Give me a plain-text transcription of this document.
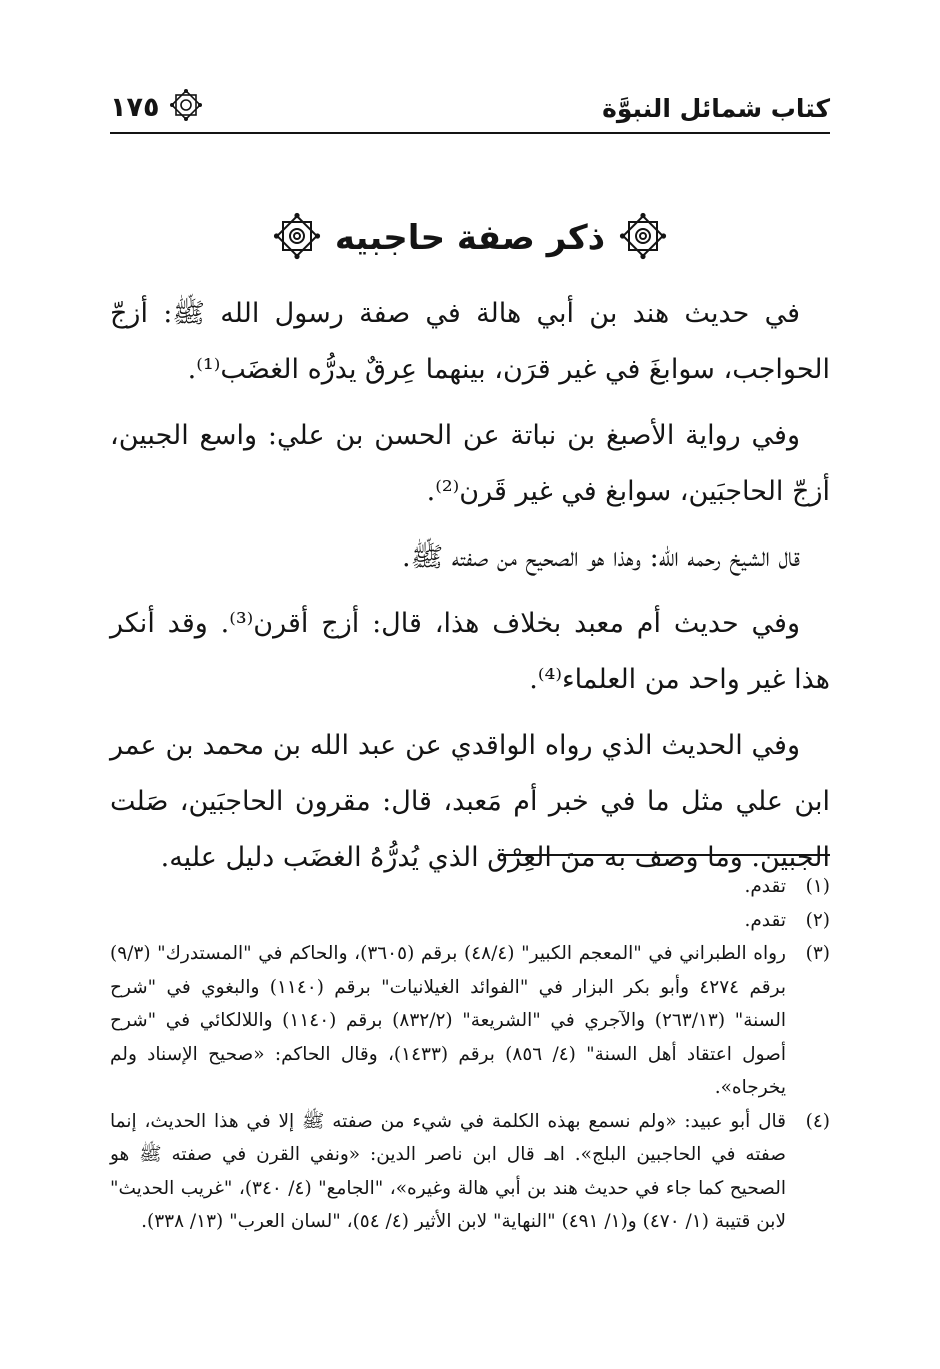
كتاب شمائل النبوَّة
١٧٥
ذكر صفة حاجبيه

في حديث هند بن أبي هالة في صفة رسول الله ﷺ: أزجّ الحواجب، سوابغَ في غير قرَن، بينهما عِرقٌ يدرُّه الغضَب⁽¹⁾.

وفي رواية الأصبغ بن نباتة عن الحسن بن علي: واسع الجبين، أزجّ الحاجبَين، سوابغ في غير قَرن⁽²⁾.

قال الشيخ رحمه الله: وهذا هو الصحيح من صفته ﷺ.

وفي حديث أم معبد بخلاف هذا، قال: أزج أقرن⁽³⁾. وقد أنكر هذا غير واحد من العلماء⁽⁴⁾.

وفي الحديث الذي رواه الواقدي عن عبد الله بن محمد بن عمر ابن علي مثل ما في خبر أم مَعبد، قال: مقرون الحاجبَين، صَلت الجبين. وما وصف به منَ العِرْق الذي يُدرُّهُ الغضَب دليل عليه.

(١)
تقدم.
(٢)
تقدم.
(٣)
رواه الطبراني في "المعجم الكبير" (٤٨/٤) برقم (٣٦٠٥)، والحاكم في "المستدرك" (٩/٣) برقم ٤٢٧٤ وأبو بكر البزار في "الفوائد الغيلانيات" برقم (١١٤٠) والبغوي في "شرح السنة" (٢٦٣/١٣) والآجري في "الشريعة" (٨٣٢/٢) برقم (١١٤٠) واللالكائي في "شرح أصول اعتقاد أهل السنة" (٤/ ٨٥٦) برقم (١٤٣٣)، وقال الحاكم: «صحيح الإسناد ولم يخرجاه».
(٤)
قال أبو عبيد: «ولم نسمع بهذه الكلمة في شيء من صفته ﷺ إلا في هذا الحديث، إنما صفته في الحاجبين البلج». اهـ قال ابن ناصر الدين: «ونفي القرن في صفته ﷺ هو الصحيح كما جاء في حديث هند بن أبي هالة وغيره»، "الجامع" (٤/ ٣٤٠)، "غريب الحديث" لابن قتيبة (١/ ٤٧٠) و(١/ ٤٩١) "النهاية" لابن الأثير (٤/ ٥٤)، "لسان العرب" (١٣/ ٣٣٨).
